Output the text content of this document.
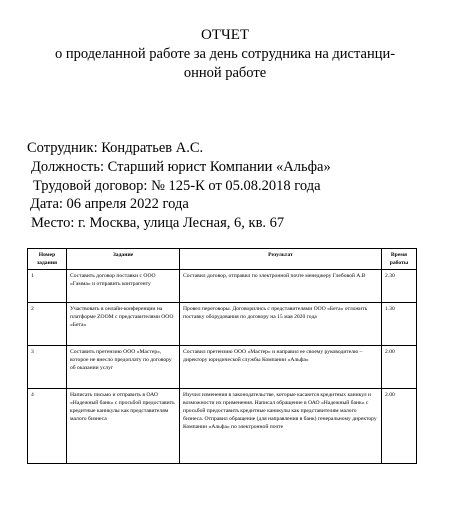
ОТЧЕТ
о проделанной работе за день сотрудника на дистанци-
онной работе
Сотрудник: Кондратьев А.С.
Должность: Старший юрист Компании «Альфа»
Трудовой договор: № 125-К от 05.08.2018 года
Дата: 06 апреля 2022 года
Место: г. Москва, улица Лесная, 6, кв. 67
Номер задания	Задание	Результат	Время работы
1	Составить договор поставки с ООО «Гамма» и отправить контрагенту	Составил договор, отправил по электронной почте менеджеру Глебовой А.В	2.30
2	Участвовать в онлайн-конференции на платформе ZOOM с представителями ООО «Бета»	Провел переговоры. Договорились с представителями ООО «Бета» отложить поставку оборудования по договору на 15 мая 2020 года	1.30
3	Составить претензию ООО «Мастер», которое не внесло предоплату по договору об оказании услуг	Составил претензию ООО «Мастер» и направил ее своему руководителю – директору юридической службы Компании «Альфа»	2.00
4	Написать письмо и отправить в ОАО «Надежный банк» с просьбой предоставить кредитные каникулы как представителям малого бизнеса	Изучил изменения в законодательстве, которые касаются кредитных каникул и возможности их применения. Написал обращение в ОАО «Надежный банк» с просьбой предоставить кредитные каникулы как представителям малого бизнеса. Отправил обращение (для направления в банк) генеральному директору Компании «Альфа» по электронной почте	2.00
